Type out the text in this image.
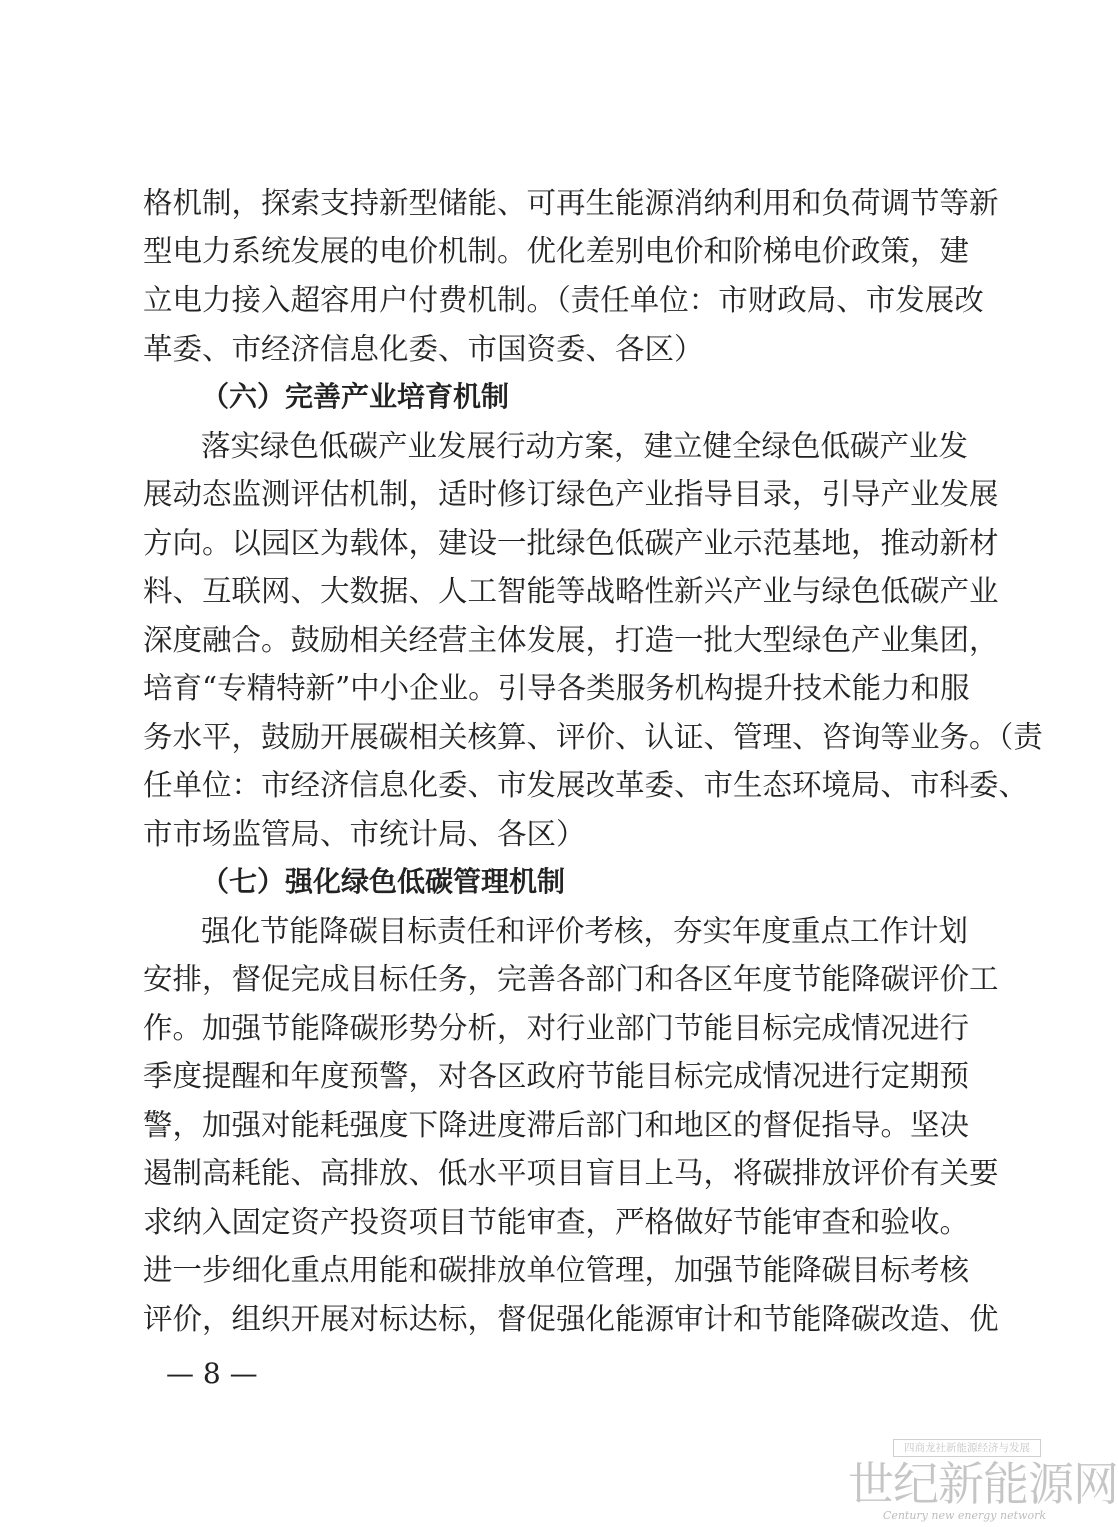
格机制，探索支持新型储能、可再生能源消纳利用和负荷调节等新
型电力系统发展的电价机制。优化差别电价和阶梯电价政策，建
立电力接入超容用户付费机制。（责任单位：市财政局、市发展改
革委、市经济信息化委、市国资委、各区）
（六）完善产业培育机制
落实绿色低碳产业发展行动方案，建立健全绿色低碳产业发
展动态监测评估机制，适时修订绿色产业指导目录，引导产业发展
方向。以园区为载体，建设一批绿色低碳产业示范基地，推动新材
料、互联网、大数据、人工智能等战略性新兴产业与绿色低碳产业
深度融合。鼓励相关经营主体发展，打造一批大型绿色产业集团，
培育“专精特新”中小企业。引导各类服务机构提升技术能力和服
务水平，鼓励开展碳相关核算、评价、认证、管理、咨询等业务。（责
任单位：市经济信息化委、市发展改革委、市生态环境局、市科委、
市市场监管局、市统计局、各区）
（七）强化绿色低碳管理机制
强化节能降碳目标责任和评价考核，夯实年度重点工作计划
安排，督促完成目标任务，完善各部门和各区年度节能降碳评价工
作。加强节能降碳形势分析，对行业部门节能目标完成情况进行
季度提醒和年度预警，对各区政府节能目标完成情况进行定期预
警，加强对能耗强度下降进度滞后部门和地区的督促指导。坚决
遏制高耗能、高排放、低水平项目盲目上马，将碳排放评价有关要
求纳入固定资产投资项目节能审查，严格做好节能审查和验收。
进一步细化重点用能和碳排放单位管理，加强节能降碳目标考核
评价，组织开展对标达标，督促强化能源审计和节能降碳改造、优
— 8 —
四商龙社新能源经济与发展
世纪新能源网
Century new energy network
